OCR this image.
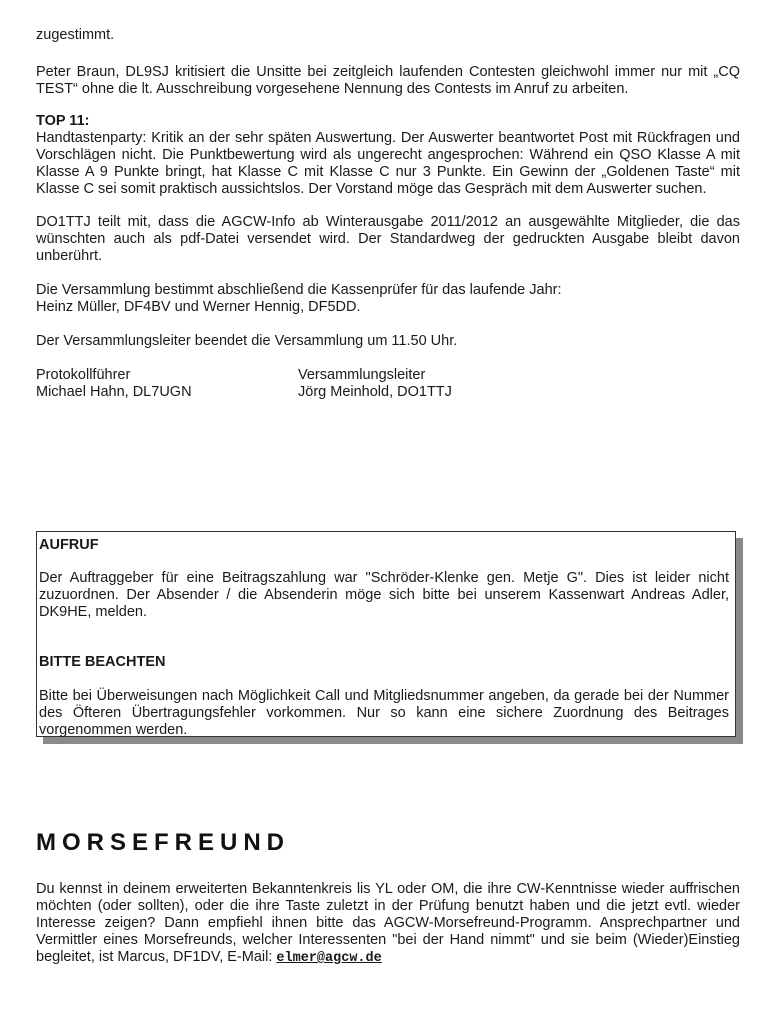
zugestimmt.

Peter Braun, DL9SJ kritisiert die Unsitte bei zeitgleich laufenden Contesten gleichwohl immer nur mit „CQ TEST“ ohne die lt. Ausschreibung vorgesehene Nennung des Contests im Anruf zu arbeiten.

TOP 11:

Handtastenparty: Kritik an der sehr späten Auswertung. Der Auswerter beantwortet Post mit Rückfragen und Vorschlägen nicht. Die Punktbewertung wird als ungerecht angesprochen: Während ein QSO Klasse A mit Klasse A 9 Punkte bringt, hat Klasse C mit Klasse C nur 3 Punkte. Ein Gewinn der „Goldenen Taste“ mit Klasse C sei somit praktisch aussichtslos. Der Vorstand möge das Gespräch mit dem Auswerter suchen.

DO1TTJ teilt mit, dass die AGCW-Info ab Winterausgabe 2011/2012 an ausgewählte Mitglieder, die das wünschten auch als pdf-Datei versendet wird. Der Standardweg der gedruckten Ausgabe bleibt davon unberührt.

Die Versammlung bestimmt abschließend die Kassenprüfer für das laufende Jahr:

Heinz Müller, DF4BV und Werner Hennig, DF5DD.

Der Versammlungsleiter beendet die Versammlung um 11.50 Uhr.

Protokollführer

Michael Hahn, DL7UGN

Versammlungsleiter

Jörg Meinhold, DO1TTJ

AUFRUF

Der Auftraggeber für eine Beitragszahlung war "Schröder-Klenke gen. Metje G". Dies ist leider nicht zuzuordnen. Der Absender / die Absenderin möge sich bitte bei unserem Kassenwart Andreas Adler, DK9HE, melden.

BITTE BEACHTEN

Bitte bei Überweisungen nach Möglichkeit Call und Mitgliedsnummer angeben, da gerade bei der Nummer des Öfteren Übertragungsfehler vorkommen. Nur so kann eine sichere Zuordnung des Beitrages vorgenommen werden.

MORSEFREUND

Du kennst in deinem erweiterten Bekanntenkreis lis YL oder OM, die ihre CW-Kenntnisse wieder auffrischen möchten (oder sollten), oder die ihre Taste zuletzt in der Prüfung benutzt haben und die jetzt evtl. wieder Interesse zeigen? Dann empfiehl ihnen bitte das AGCW-Morsefreund-Programm. Ansprechpartner und Vermittler eines Morsefreunds, welcher Interessenten "bei der Hand nimmt" und sie beim (Wieder)Einstieg begleitet, ist Marcus, DF1DV, E-Mail: elmer@agcw.de
